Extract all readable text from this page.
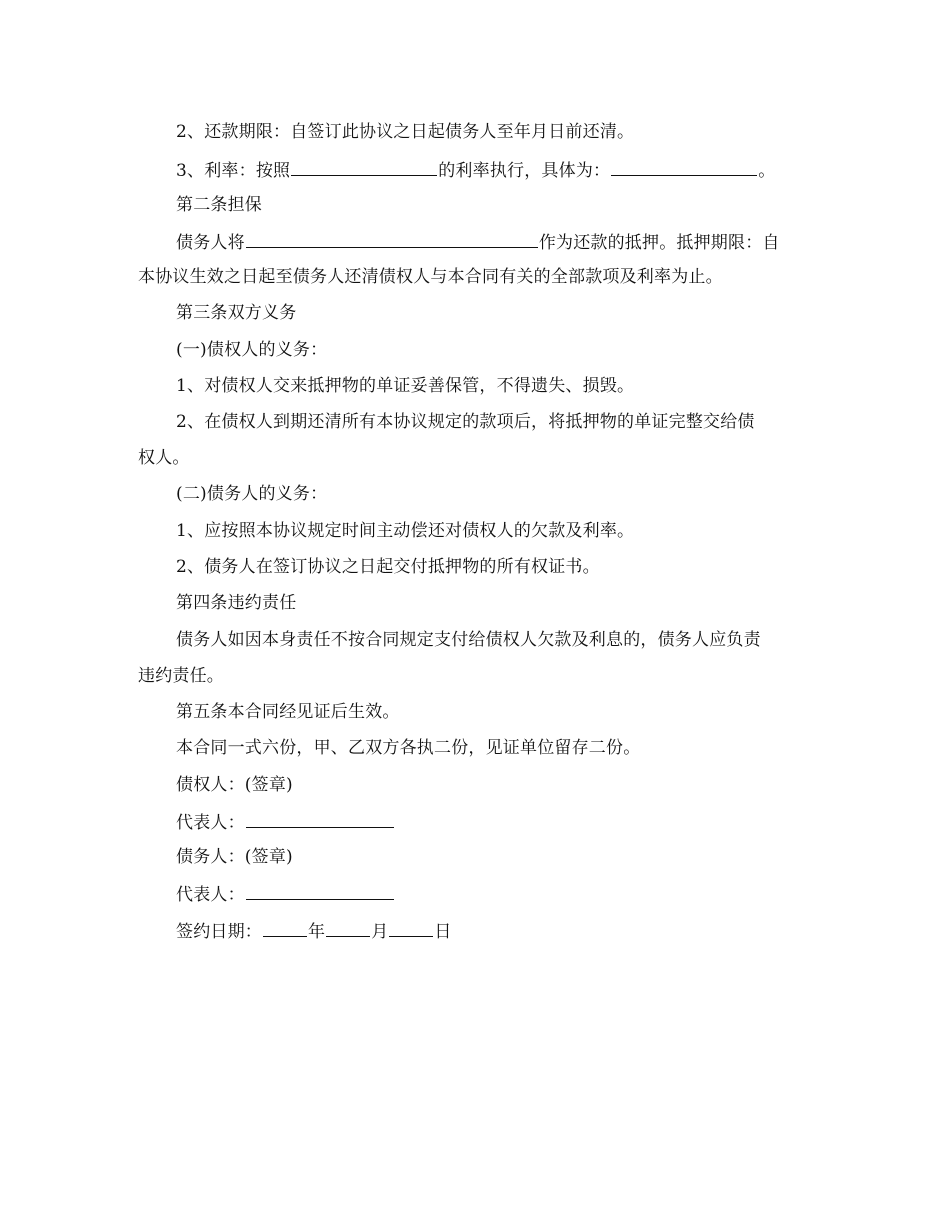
2、还款期限：自签订此协议之日起债务人至年月日前还清。
3、利率：按照	的利率执行，具体为：	。
第二条担保
债务人将	作为还款的抵押。抵押期限：自
本协议生效之日起至债务人还清债权人与本合同有关的全部款项及利率为止。
第三条双方义务
(一)债权人的义务：
1、对债权人交来抵押物的单证妥善保管，不得遗失、损毁。
2、在债权人到期还清所有本协议规定的款项后，将抵押物的单证完整交给债
权人。
(二)债务人的义务：
1、应按照本协议规定时间主动偿还对债权人的欠款及利率。
2、债务人在签订协议之日起交付抵押物的所有权证书。
第四条违约责任
债务人如因本身责任不按合同规定支付给债权人欠款及利息的，债务人应负责
违约责任。
第五条本合同经见证后生效。
本合同一式六份，甲、乙双方各执二份，见证单位留存二份。
债权人：(签章)
代表人：
债务人：(签章)
代表人：
签约日期：	年	月	日
